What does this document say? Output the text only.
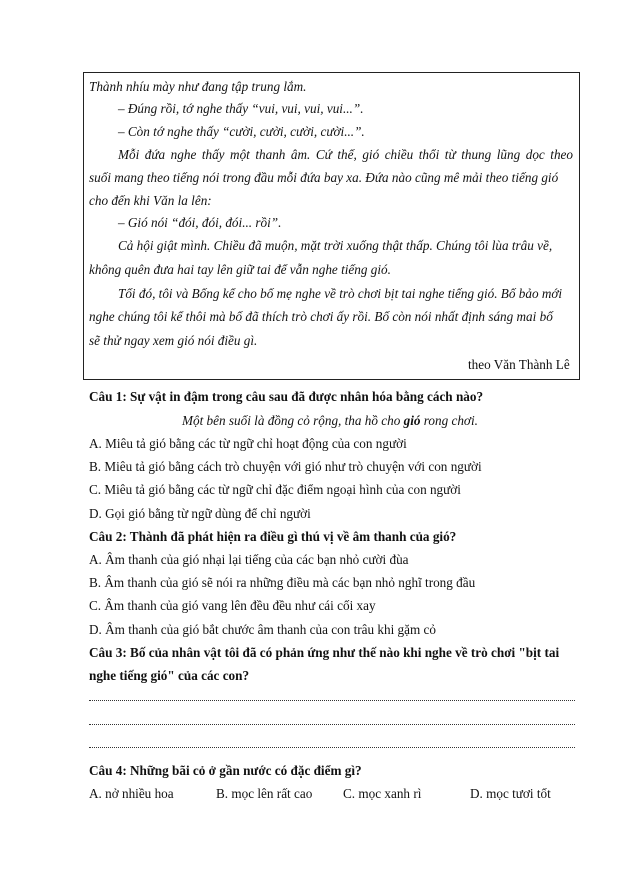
Thành nhíu mày như đang tập trung lắm.
– Đúng rồi, tớ nghe thấy “vui, vui, vui, vui...”.
– Còn tớ nghe thấy “cười, cười, cười, cười...”.
Mỗi đứa nghe thấy một thanh âm. Cứ thế, gió chiều thổi từ thung lũng dọc theo
suối mang theo tiếng nói trong đầu mỗi đứa bay xa. Đứa nào cũng mê mải theo tiếng gió
cho đến khi Văn la lên:
– Gió nói “đói, đói, đói... rồi”.
Cả hội giật mình. Chiều đã muộn, mặt trời xuống thật thấp. Chúng tôi lùa trâu về,
không quên đưa hai tay lên giữ tai để vẫn nghe tiếng gió.
Tối đó, tôi và Bống kể cho bố mẹ nghe về trò chơi bịt tai nghe tiếng gió. Bố bảo mới
nghe chúng tôi kể thôi mà bố đã thích trò chơi ấy rồi. Bố còn nói nhất định sáng mai bố
sẽ thử ngay xem gió nói điều gì.
theo Văn Thành Lê
Câu 1: Sự vật in đậm trong câu sau đã được nhân hóa bằng cách nào?
Một bên suối là đồng cỏ rộng, tha hồ cho gió rong chơi.
A. Miêu tả gió bằng các từ ngữ chỉ hoạt động của con người
B. Miêu tả gió bằng cách trò chuyện với gió như trò chuyện với con người
C. Miêu tả gió bằng các từ ngữ chỉ đặc điểm ngoại hình của con người
D. Gọi gió bằng từ ngữ dùng để chỉ người
Câu 2: Thành đã phát hiện ra điều gì thú vị về âm thanh của gió?
A. Âm thanh của gió nhại lại tiếng của các bạn nhỏ cười đùa
B. Âm thanh của gió sẽ nói ra những điều mà các bạn nhỏ nghĩ trong đầu
C. Âm thanh của gió vang lên đều đều như cái cối xay
D. Âm thanh của gió bắt chước âm thanh của con trâu khi gặm cỏ
Câu 3: Bố của nhân vật tôi đã có phản ứng như thế nào khi nghe về trò chơi "bịt tai
nghe tiếng gió" của các con?
Câu 4: Những bãi cỏ ở gần nước có đặc điểm gì?
A. nở nhiều hoa	B. mọc lên rất cao C. mọc xanh rì	D. mọc tươi tốt
